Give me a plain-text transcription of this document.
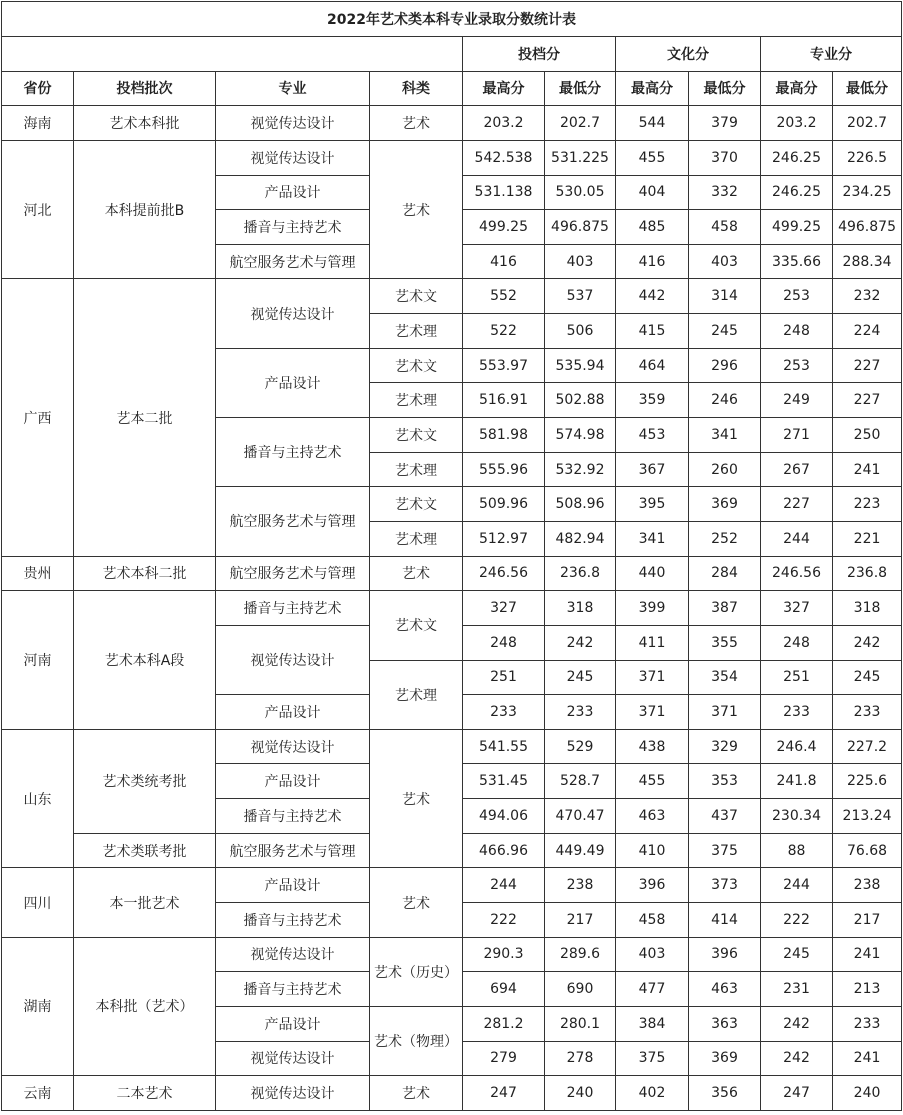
2022年艺术类本科专业录取分数统计表									
				投档分		文化分		专业分	
省份	投档批次	专业	科类	最高分	最低分	最高分	最低分	最高分	最低分
海南	艺术本科批	视觉传达设计	艺术	203.2	202.7	544	379	203.2	202.7
河北	本科提前批B	视觉传达设计	艺术	542.538	531.225	455	370	246.25	226.5
		产品设计		531.138	530.05	404	332	246.25	234.25
		播音与主持艺术		499.25	496.875	485	458	499.25	496.875
		航空服务艺术与管理		416	403	416	403	335.66	288.34
广西	艺本二批	视觉传达设计	艺术文	552	537	442	314	253	232
			艺术理	522	506	415	245	248	224
		产品设计	艺术文	553.97	535.94	464	296	253	227
			艺术理	516.91	502.88	359	246	249	227
		播音与主持艺术	艺术文	581.98	574.98	453	341	271	250
			艺术理	555.96	532.92	367	260	267	241
		航空服务艺术与管理	艺术文	509.96	508.96	395	369	227	223
			艺术理	512.97	482.94	341	252	244	221
贵州	艺术本科二批	航空服务艺术与管理	艺术	246.56	236.8	440	284	246.56	236.8
河南	艺术本科A段	播音与主持艺术	艺术文	327	318	399	387	327	318
		视觉传达设计		248	242	411	355	248	242
			艺术理	251	245	371	354	251	245
		产品设计		233	233	371	371	233	233
山东	艺术类统考批	视觉传达设计	艺术	541.55	529	438	329	246.4	227.2
		产品设计		531.45	528.7	455	353	241.8	225.6
		播音与主持艺术		494.06	470.47	463	437	230.34	213.24
	艺术类联考批	航空服务艺术与管理		466.96	449.49	410	375	88	76.68
四川	本一批艺术	产品设计	艺术	244	238	396	373	244	238
		播音与主持艺术		222	217	458	414	222	217
湖南	本科批（艺术）	视觉传达设计	艺术（历史）	290.3	289.6	403	396	245	241
		播音与主持艺术		694	690	477	463	231	213
		产品设计	艺术（物理）	281.2	280.1	384	363	242	233
		视觉传达设计		279	278	375	369	242	241
云南	二本艺术	视觉传达设计	艺术	247	240	402	356	247	240
